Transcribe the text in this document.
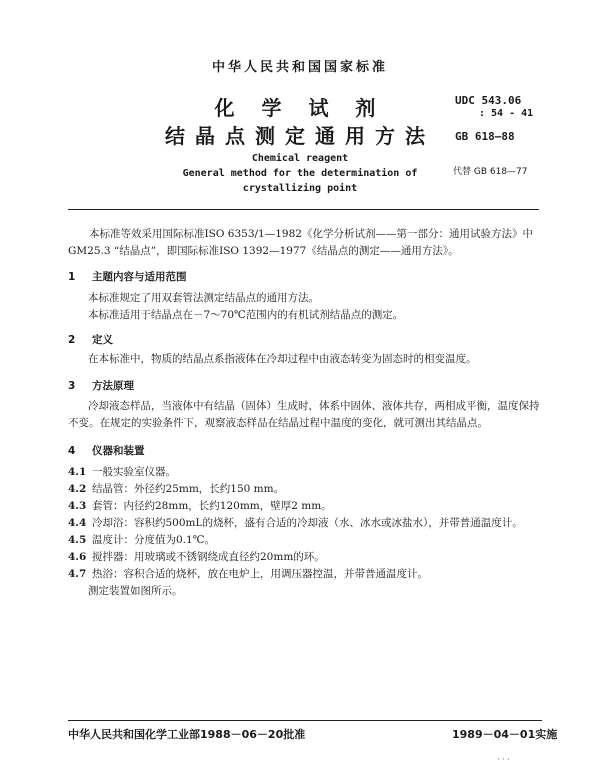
中华人民共和国国家标准
化 学 试 剂
结晶点测定通用方法
UDC 543.06
: 54 - 41
GB 618—88
代替 GB 618—77
Chemical reagent
General method for the determination of
crystallizing point
本标准等效采用国际标准ISO 6353/1—1982《化学分析试剂——第一部分：通用试验方法》中GM25.3 “结晶点”，即国际标准ISO 1392—1977《结晶点的测定——通用方法》。
1 主题内容与适用范围
本标准规定了用双套管法测定结晶点的通用方法。
本标准适用于结晶点在－7～70℃范围内的有机试剂结晶点的测定。
2 定义
在本标准中，物质的结晶点系指液体在冷却过程中由液态转变为固态时的相变温度。
3 方法原理
冷却液态样品，当液体中有结晶（固体）生成时，体系中固体、液体共存，两相成平衡，温度保持不变。在规定的实验条件下，观察液态样品在结晶过程中温度的变化，就可测出其结晶点。
4 仪器和装置
4.1 一般实验室仪器。
4.2 结晶管：外径约25mm，长约150 mm。
4.3 套管：内径约28mm，长约120mm，壁厚2 mm。
4.4 冷却浴：容积约500mL的烧杯，盛有合适的冷却液（水、冰水或冰盐水），并带普通温度计。
4.5 温度计：分度值为0.1℃。
4.6 搅拌器：用玻璃或不锈钢绕成直径约20mm的环。
4.7 热浴：容积合适的烧杯，放在电炉上，用调压器控温，并带普通温度计。
测定装置如图所示。
中华人民共和国化学工业部1988－06－20批准	1989－04－01实施
· · ·
